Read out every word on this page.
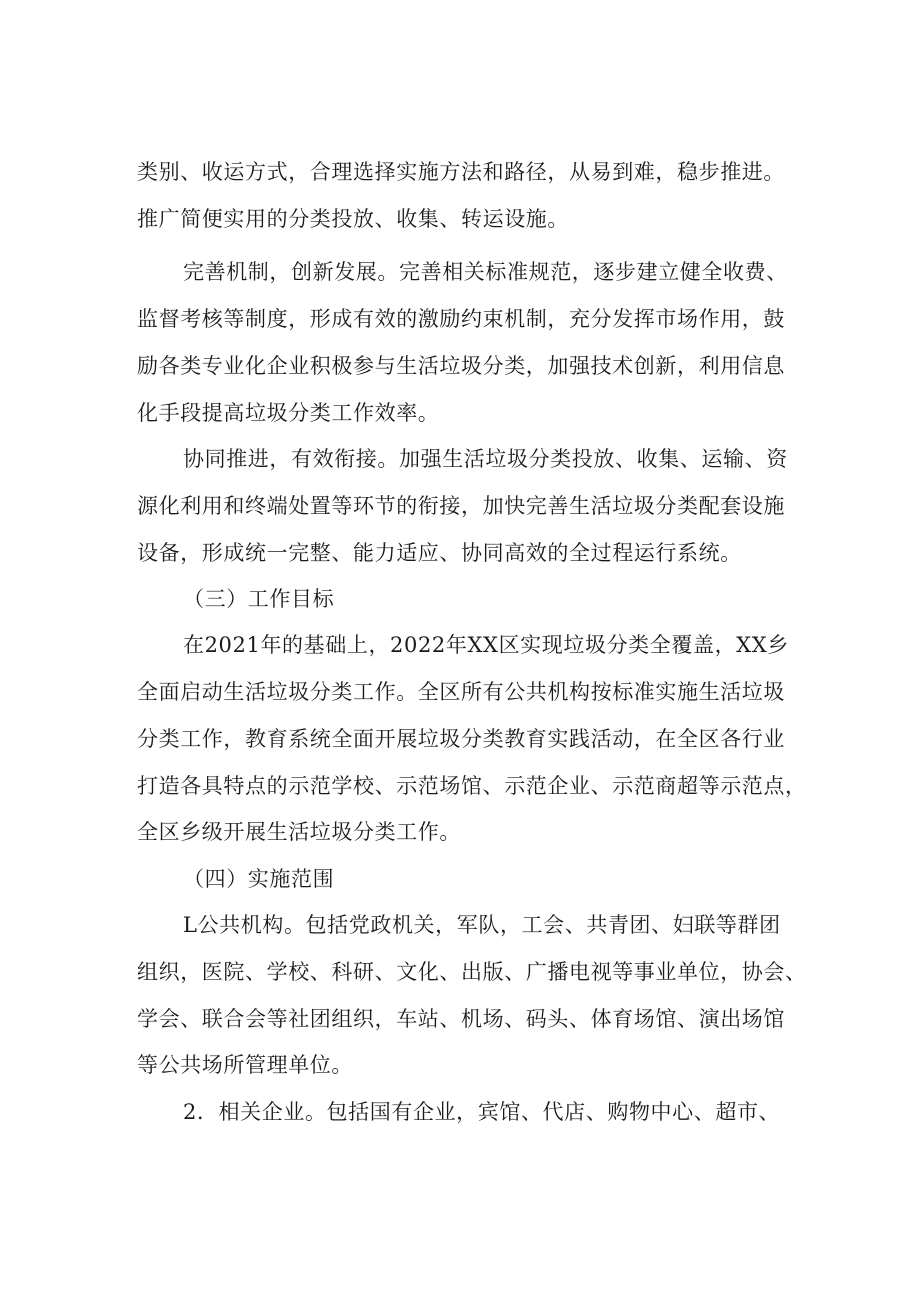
类别、收运方式，合理选择实施方法和路径，从易到难，稳步推进。
推广简便实用的分类投放、收集、转运设施。
完善机制，创新发展。完善相关标准规范，逐步建立健全收费、
监督考核等制度，形成有效的激励约束机制，充分发挥市场作用，鼓
励各类专业化企业积极参与生活垃圾分类，加强技术创新，利用信息
化手段提高垃圾分类工作效率。
协同推进，有效衔接。加强生活垃圾分类投放、收集、运输、资
源化利用和终端处置等环节的衔接，加快完善生活垃圾分类配套设施
设备，形成统一完整、能力适应、协同高效的全过程运行系统。
（三）工作目标
在2021年的基础上，2022年XX区实现垃圾分类全覆盖，XX乡
全面启动生活垃圾分类工作。全区所有公共机构按标准实施生活垃圾
分类工作，教育系统全面开展垃圾分类教育实践活动，在全区各行业
打造各具特点的示范学校、示范场馆、示范企业、示范商超等示范点，
全区乡级开展生活垃圾分类工作。
（四）实施范围
L公共机构。包括党政机关，军队，工会、共青团、妇联等群团
组织，医院、学校、科研、文化、出版、广播电视等事业单位，协会、
学会、联合会等社团组织，车站、机场、码头、体育场馆、演出场馆
等公共场所管理单位。
2．相关企业。包括国有企业，宾馆、代店、购物中心、超市、
